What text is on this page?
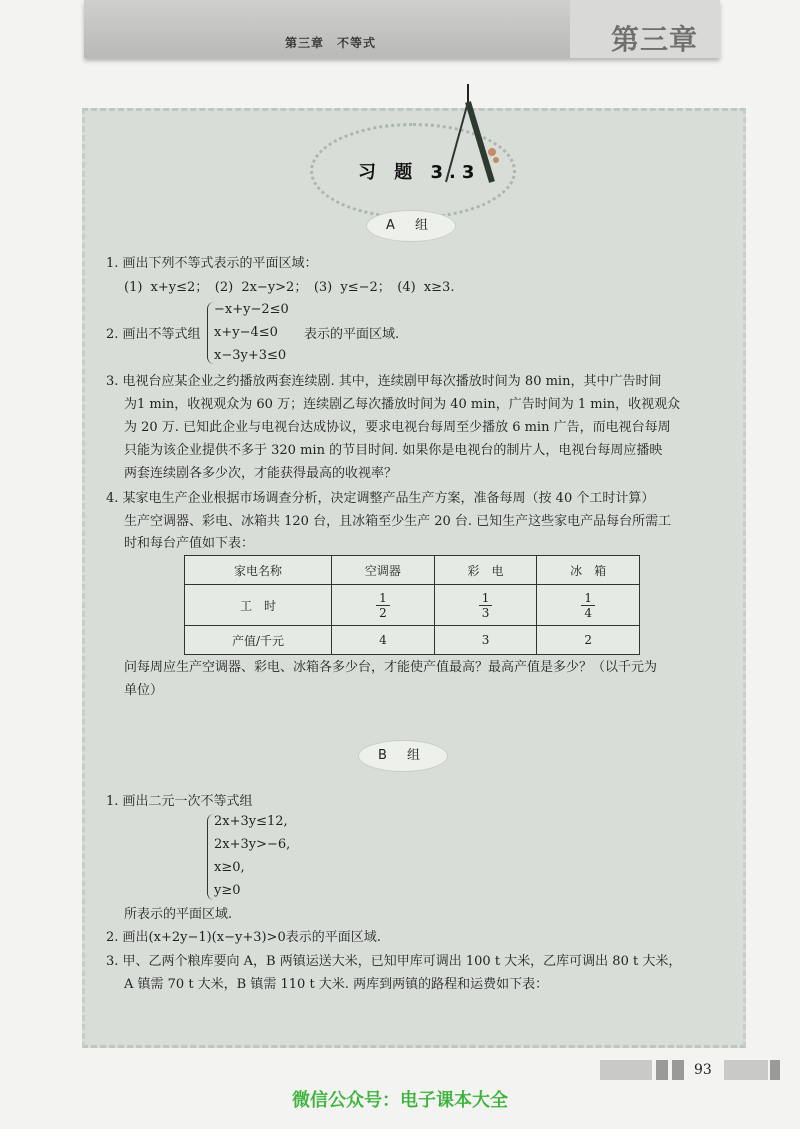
第三章
第三章　不等式
习 题 3.3
A 组
1. 画出下列不等式表示的平面区域：
(1) x+y≤2；　(2) 2x−y>2；　(3) y≤−2；　(4) x≥3.
2. 画出不等式组
−x+y−2≤0
x+y−4≤0
x−3y+3≤0
表示的平面区域.
3. 电视台应某企业之约播放两套连续剧. 其中，连续剧甲每次播放时间为 80 min，其中广告时间
为1 min，收视观众为 60 万；连续剧乙每次播放时间为 40 min，广告时间为 1 min，收视观众
为 20 万. 已知此企业与电视台达成协议，要求电视台每周至少播放 6 min 广告，而电视台每周
只能为该企业提供不多于 320 min 的节目时间. 如果你是电视台的制片人，电视台每周应播映
两套连续剧各多少次，才能获得最高的收视率？
4. 某家电生产企业根据市场调查分析，决定调整产品生产方案，准备每周（按 40 个工时计算）
生产空调器、彩电、冰箱共 120 台，且冰箱至少生产 20 台. 已知生产这些家电产品每台所需工
时和每台产值如下表：
家电名称	空调器	彩　电	冰　箱
工　时	$\frac{1}{2}$	$\frac{1}{3}$	$\frac{1}{4}$

产值/千元	4	3	2
问每周应生产空调器、彩电、冰箱各多少台，才能使产值最高？最高产值是多少？（以千元为
单位）
B 组
1. 画出二元一次不等式组
2x+3y≤12,
2x+3y>−6,
x≥0,
y≥0
所表示的平面区域.
2. 画出(x+2y−1)(x−y+3)>0表示的平面区域.
3. 甲、乙两个粮库要向 A，B 两镇运送大米，已知甲库可调出 100 t 大米，乙库可调出 80 t 大米，
A 镇需 70 t 大米，B 镇需 110 t 大米. 两库到两镇的路程和运费如下表：
93
微信公众号：电子课本大全
